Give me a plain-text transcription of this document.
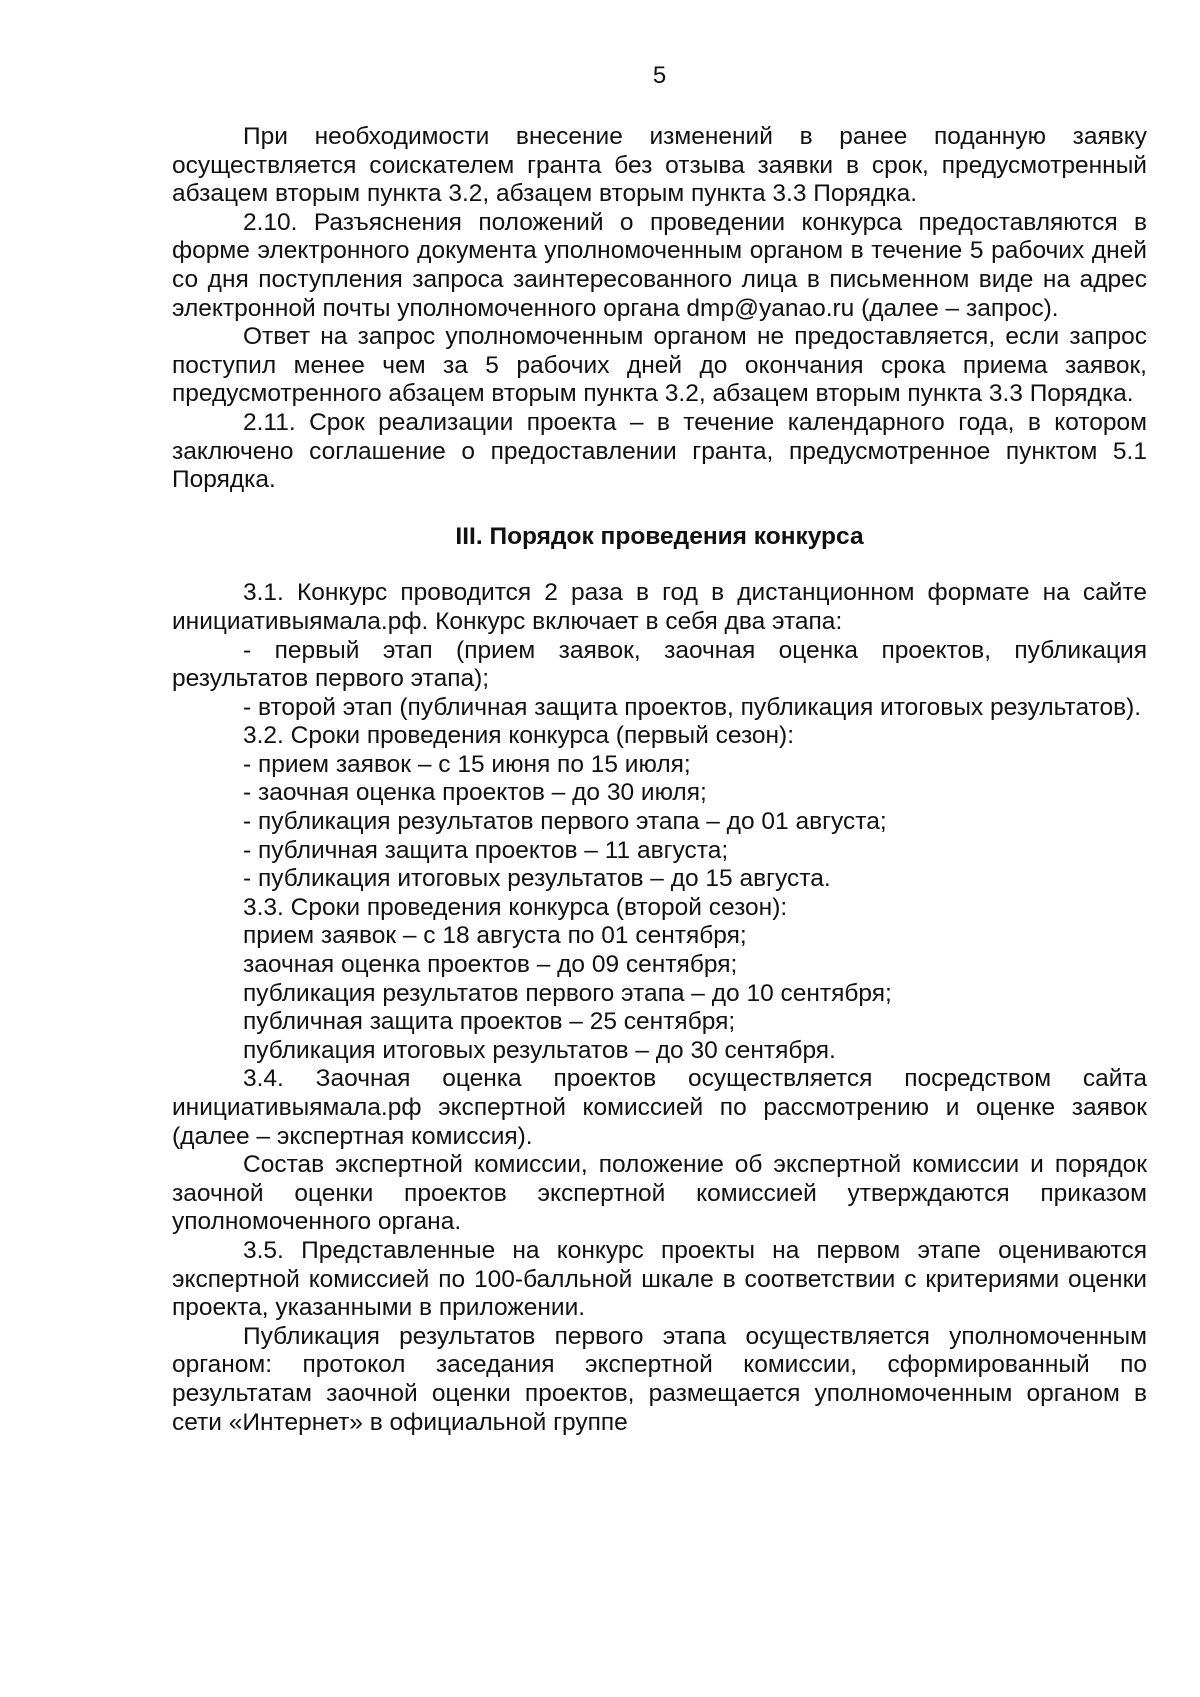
5

При необходимости внесение изменений в ранее поданную заявку осуществляется соискателем гранта без отзыва заявки в срок, предусмотренный абзацем вторым пункта 3.2, абзацем вторым пункта 3.3 Порядка.

2.10. Разъяснения положений о проведении конкурса предоставляются в форме электронного документа уполномоченным органом в течение 5 рабочих дней со дня поступления запроса заинтересованного лица в письменном виде на адрес электронной почты уполномоченного органа dmp@yanao.ru (далее – запрос).

Ответ на запрос уполномоченным органом не предоставляется, если запрос поступил менее чем за 5 рабочих дней до окончания срока приема заявок, предусмотренного абзацем вторым пункта 3.2, абзацем вторым пункта 3.3 Порядка.

2.11. Срок реализации проекта – в течение календарного года, в котором заключено соглашение о предоставлении гранта, предусмотренное пунктом 5.1 Порядка.

III. Порядок проведения конкурса

3.1. Конкурс проводится 2 раза в год в дистанционном формате на сайте инициативыямала.рф. Конкурс включает в себя два этапа:

- первый этап (прием заявок, заочная оценка проектов, публикация результатов первого этапа);

- второй этап (публичная защита проектов, публикация итоговых результатов).

3.2. Сроки проведения конкурса (первый сезон):

- прием заявок – с 15 июня по 15 июля;

- заочная оценка проектов – до 30 июля;

- публикация результатов первого этапа – до 01 августа;

- публичная защита проектов – 11 августа;

- публикация итоговых результатов – до 15 августа.

3.3. Сроки проведения конкурса (второй сезон):

прием заявок – с 18 августа по 01 сентября;

заочная оценка проектов – до 09 сентября;

публикация результатов первого этапа – до 10 сентября;

публичная защита проектов – 25 сентября;

публикация итоговых результатов – до 30 сентября.

3.4. Заочная оценка проектов осуществляется посредством сайта инициативыямала.рф экспертной комиссией по рассмотрению и оценке заявок (далее – экспертная комиссия).

Состав экспертной комиссии, положение об экспертной комиссии и порядок заочной оценки проектов экспертной комиссией утверждаются приказом уполномоченного органа.

3.5. Представленные на конкурс проекты на первом этапе оцениваются экспертной комиссией по 100-балльной шкале в соответствии с критериями оценки проекта, указанными в приложении.

Публикация результатов первого этапа осуществляется уполномоченным органом: протокол заседания экспертной комиссии, сформированный по результатам заочной оценки проектов, размещается уполномоченным органом в сети «Интернет» в официальной группе
